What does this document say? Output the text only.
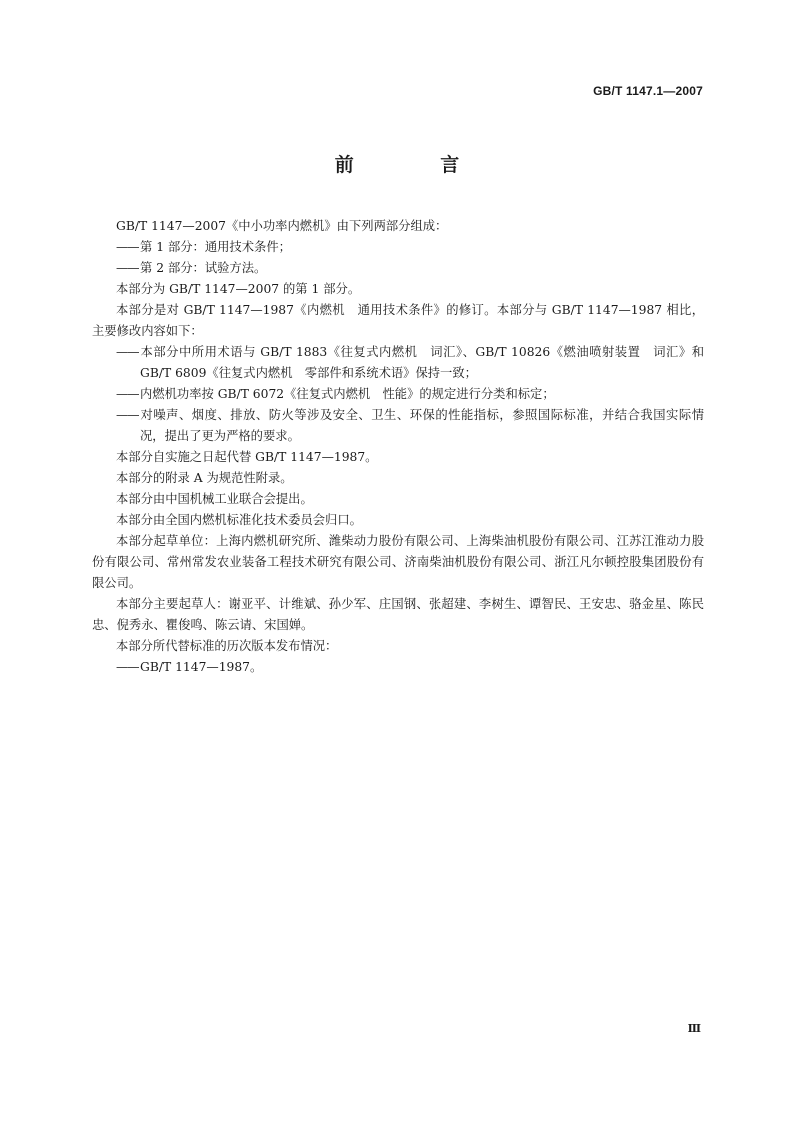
GB/T 1147.1—2007
前 言

GB/T 1147—2007《中小功率内燃机》由下列两部分组成：

——第 1 部分：通用技术条件；

——第 2 部分：试验方法。

本部分为 GB/T 1147—2007 的第 1 部分。

本部分是对 GB/T 1147—1987《内燃机　通用技术条件》的修订。本部分与 GB/T 1147—1987 相比，主要修改内容如下：

——本部分中所用术语与 GB/T 1883《往复式内燃机　词汇》、GB/T 10826《燃油喷射装置　词汇》和 GB/T 6809《往复式内燃机　零部件和系统术语》保持一致；

——内燃机功率按 GB/T 6072《往复式内燃机　性能》的规定进行分类和标定；

——对噪声、烟度、排放、防火等涉及安全、卫生、环保的性能指标，参照国际标准，并结合我国实际情况，提出了更为严格的要求。

本部分自实施之日起代替 GB/T 1147—1987。

本部分的附录 A 为规范性附录。

本部分由中国机械工业联合会提出。

本部分由全国内燃机标准化技术委员会归口。

本部分起草单位：上海内燃机研究所、潍柴动力股份有限公司、上海柴油机股份有限公司、江苏江淮动力股份有限公司、常州常发农业装备工程技术研究有限公司、济南柴油机股份有限公司、浙江凡尔顿控股集团股份有限公司。

本部分主要起草人：谢亚平、计维斌、孙少军、庄国钢、张超建、李树生、谭智民、王安忠、骆金星、陈民忠、倪秀永、瞿俊鸣、陈云请、宋国婵。

本部分所代替标准的历次版本发布情况：

——GB/T 1147—1987。

Ⅲ
